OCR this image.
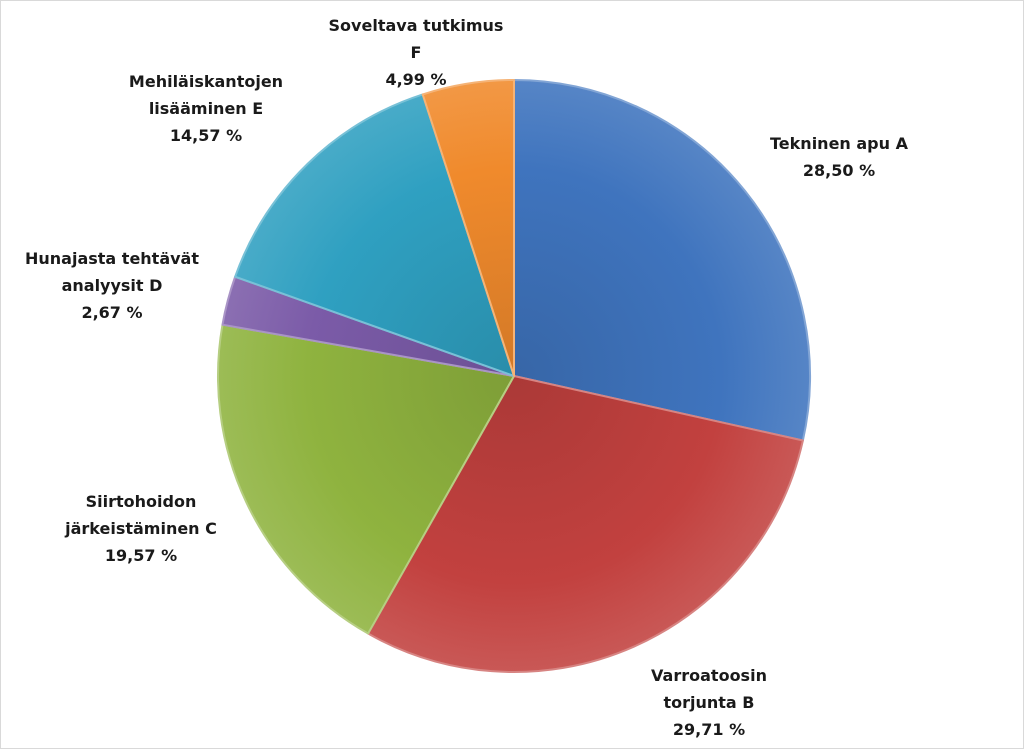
Tekninen apu A 28,50 %
Varroatoosin torjunta B 29,71 %
Siirtohoidon järkeistäminen C 19,57 %
Hunajasta tehtävät analyysit D 2,67 %
Mehiläiskantojen lisääminen E 14,57 %
Soveltava tutkimus F 4,99 %
